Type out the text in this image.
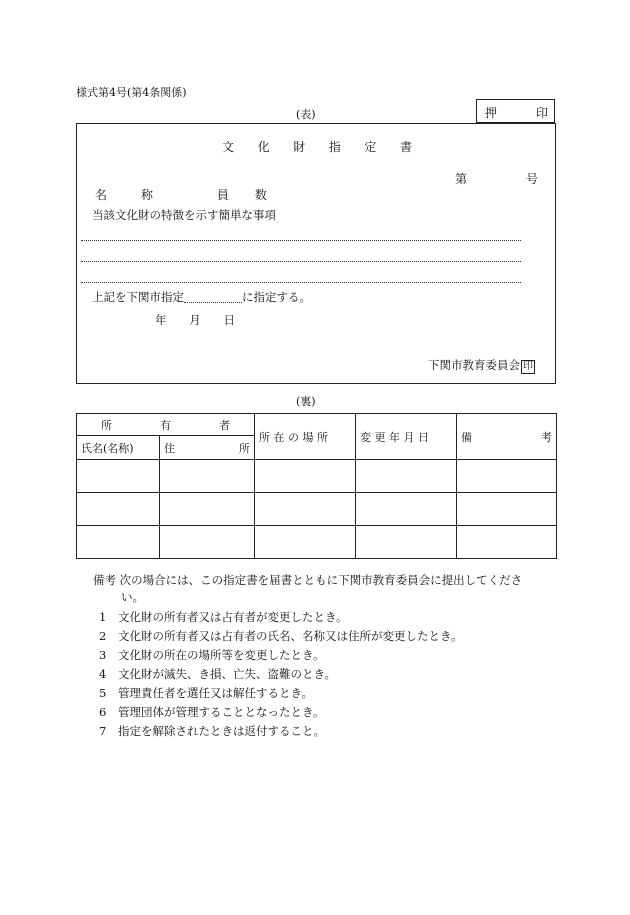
様式第4号(第4条関係)
(表)	押	印
文 化 財 指 定 書
第	号
名	称
	員 数
当該文化財の特徴を示す簡単な事項
上記を下関市指定	に指定する。
年 月 日
下関市教育委員会 印
(裏)
所 有 者		所 在 の 場 所	変 更 年 月 日	備 考

氏名(名称)	住 所			

備考 次の場合には、この指定書を届書とともに下関市教育委員会に提出してくださ
い。
1 文化財の所有者又は占有者が変更したとき。
2 文化財の所有者又は占有者の氏名、名称又は住所が変更したとき。
3 文化財の所在の場所等を変更したとき。
4 文化財が滅失、き損、亡失、盗難のとき。
5 管理責任者を選任又は解任するとき。
6 管理団体が管理することとなったとき。
7 指定を解除されたときは返付すること。
